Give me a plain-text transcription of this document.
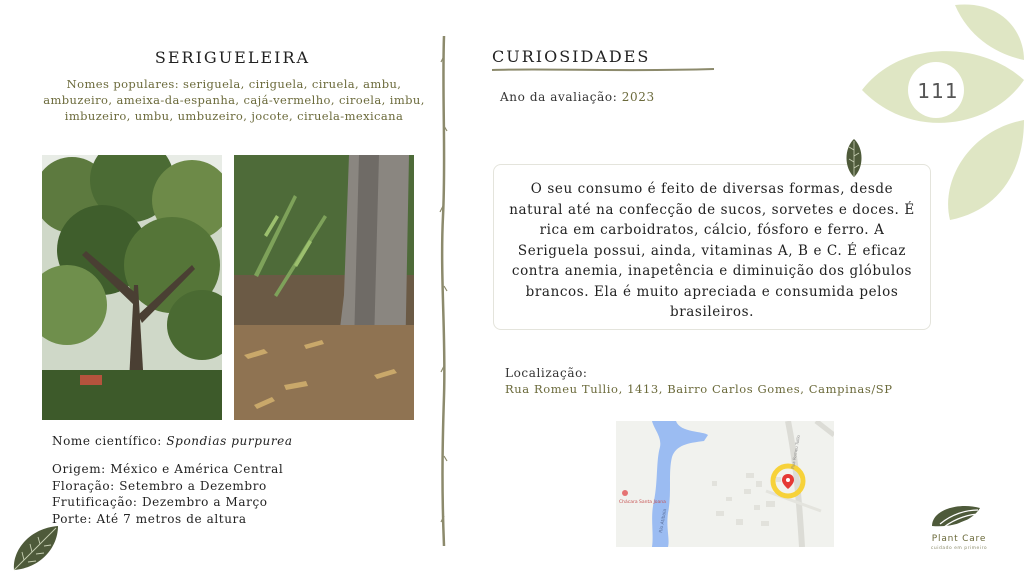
SERIGUELEIRA
Nomes populares: seriguela, ciriguela, ciruela, ambu, ambuzeiro, ameixa-da-espanha, cajá-vermelho, ciroela, imbu, imbuzeiro, umbu, umbuzeiro, jocote, ciruela-mexicana
Nome científico: Spondias purpurea
Origem: México e América Central
Floração: Setembro a Dezembro
Frutificação: Dezembro a Março
Porte: Até 7 metros de altura
CURIOSIDADES
Ano da avaliação: 2023
O seu consumo é feito de diversas formas, desde natural até na confecção de sucos, sorvetes e doces. É rica em carboidratos, cálcio, fósforo e ferro. A Seriguela possui, ainda, vitaminas A, B e C. É eficaz contra anemia, inapetência e diminuição dos glóbulos brancos. Ela é muito apreciada e consumida pelos brasileiros.
Localização:
Rua Romeu Tullio, 1413, Bairro Carlos Gomes, Campinas/SP
Chácara Santa Joana
Rio Atibaia
Rua Romeu Tullio
111
Plant Care
cuidado em primeiro
